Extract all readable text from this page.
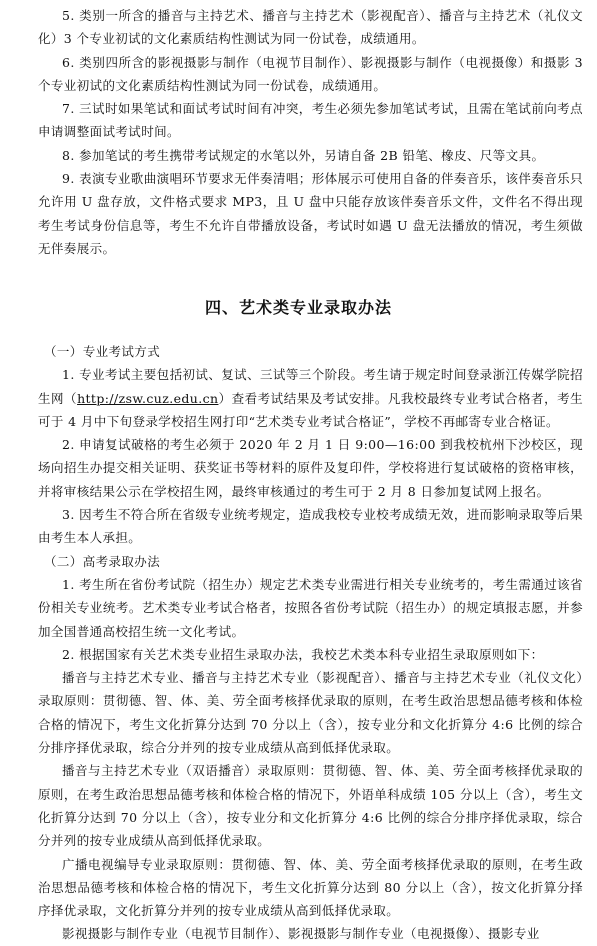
5. 类别一所含的播音与主持艺术、播音与主持艺术（影视配音）、播音与主持艺术（礼仪文化）3 个专业初试的文化素质结构性测试为同一份试卷，成绩通用。

6. 类别四所含的影视摄影与制作（电视节目制作）、影视摄影与制作（电视摄像）和摄影 3 个专业初试的文化素质结构性测试为同一份试卷，成绩通用。

7. 三试时如果笔试和面试考试时间有冲突，考生必须先参加笔试考试，且需在笔试前向考点申请调整面试考试时间。

8. 参加笔试的考生携带考试规定的水笔以外，另请自备 2B 铅笔、橡皮、尺等文具。

9. 表演专业歌曲演唱环节要求无伴奏清唱；形体展示可使用自备的伴奏音乐，该伴奏音乐只允许用 U 盘存放，文件格式要求 MP3，且 U 盘中只能存放该伴奏音乐文件，文件名不得出现考生考试身份信息等，考生不允许自带播放设备，考试时如遇 U 盘无法播放的情况，考生须做无伴奏展示。

四、艺术类专业录取办法

（一）专业考试方式

1. 专业考试主要包括初试、复试、三试等三个阶段。考生请于规定时间登录浙江传媒学院招生网（http://zsw.cuz.edu.cn）查看考试结果及考试安排。凡我校最终专业考试合格者，考生可于 4 月中下旬登录学校招生网打印“艺术类专业考试合格证”，学校不再邮寄专业合格证。

2. 申请复试破格的考生必须于 2020 年 2 月 1 日 9:00—16:00 到我校杭州下沙校区，现场向招生办提交相关证明、获奖证书等材料的原件及复印件，学校将进行复试破格的资格审核，并将审核结果公示在学校招生网，最终审核通过的考生可于 2 月 8 日参加复试网上报名。

3. 因考生不符合所在省级专业统考规定，造成我校专业校考成绩无效，进而影响录取等后果由考生本人承担。

（二）高考录取办法

1. 考生所在省份考试院（招生办）规定艺术类专业需进行相关专业统考的，考生需通过该省份相关专业统考。艺术类专业考试合格者，按照各省份考试院（招生办）的规定填报志愿，并参加全国普通高校招生统一文化考试。

2. 根据国家有关艺术类专业招生录取办法，我校艺术类本科专业招生录取原则如下：

播音与主持艺术专业、播音与主持艺术专业（影视配音）、播音与主持艺术专业（礼仪文化）录取原则：贯彻德、智、体、美、劳全面考核择优录取的原则，在考生政治思想品德考核和体检合格的情况下，考生文化折算分达到 70 分以上（含），按专业分和文化折算分 4:6 比例的综合分排序择优录取，综合分并列的按专业成绩从高到低择优录取。

播音与主持艺术专业（双语播音）录取原则：贯彻德、智、体、美、劳全面考核择优录取的原则，在考生政治思想品德考核和体检合格的情况下，外语单科成绩 105 分以上（含），考生文化折算分达到 70 分以上（含），按专业分和文化折算分 4:6 比例的综合分排序择优录取，综合分并列的按专业成绩从高到低择优录取。

广播电视编导专业录取原则：贯彻德、智、体、美、劳全面考核择优录取的原则，在考生政治思想品德考核和体检合格的情况下，考生文化折算分达到 80 分以上（含），按文化折算分择序择优录取，文化折算分并列的按专业成绩从高到低择优录取。

影视摄影与制作专业（电视节目制作）、影视摄影与制作专业（电视摄像）、摄影专业
